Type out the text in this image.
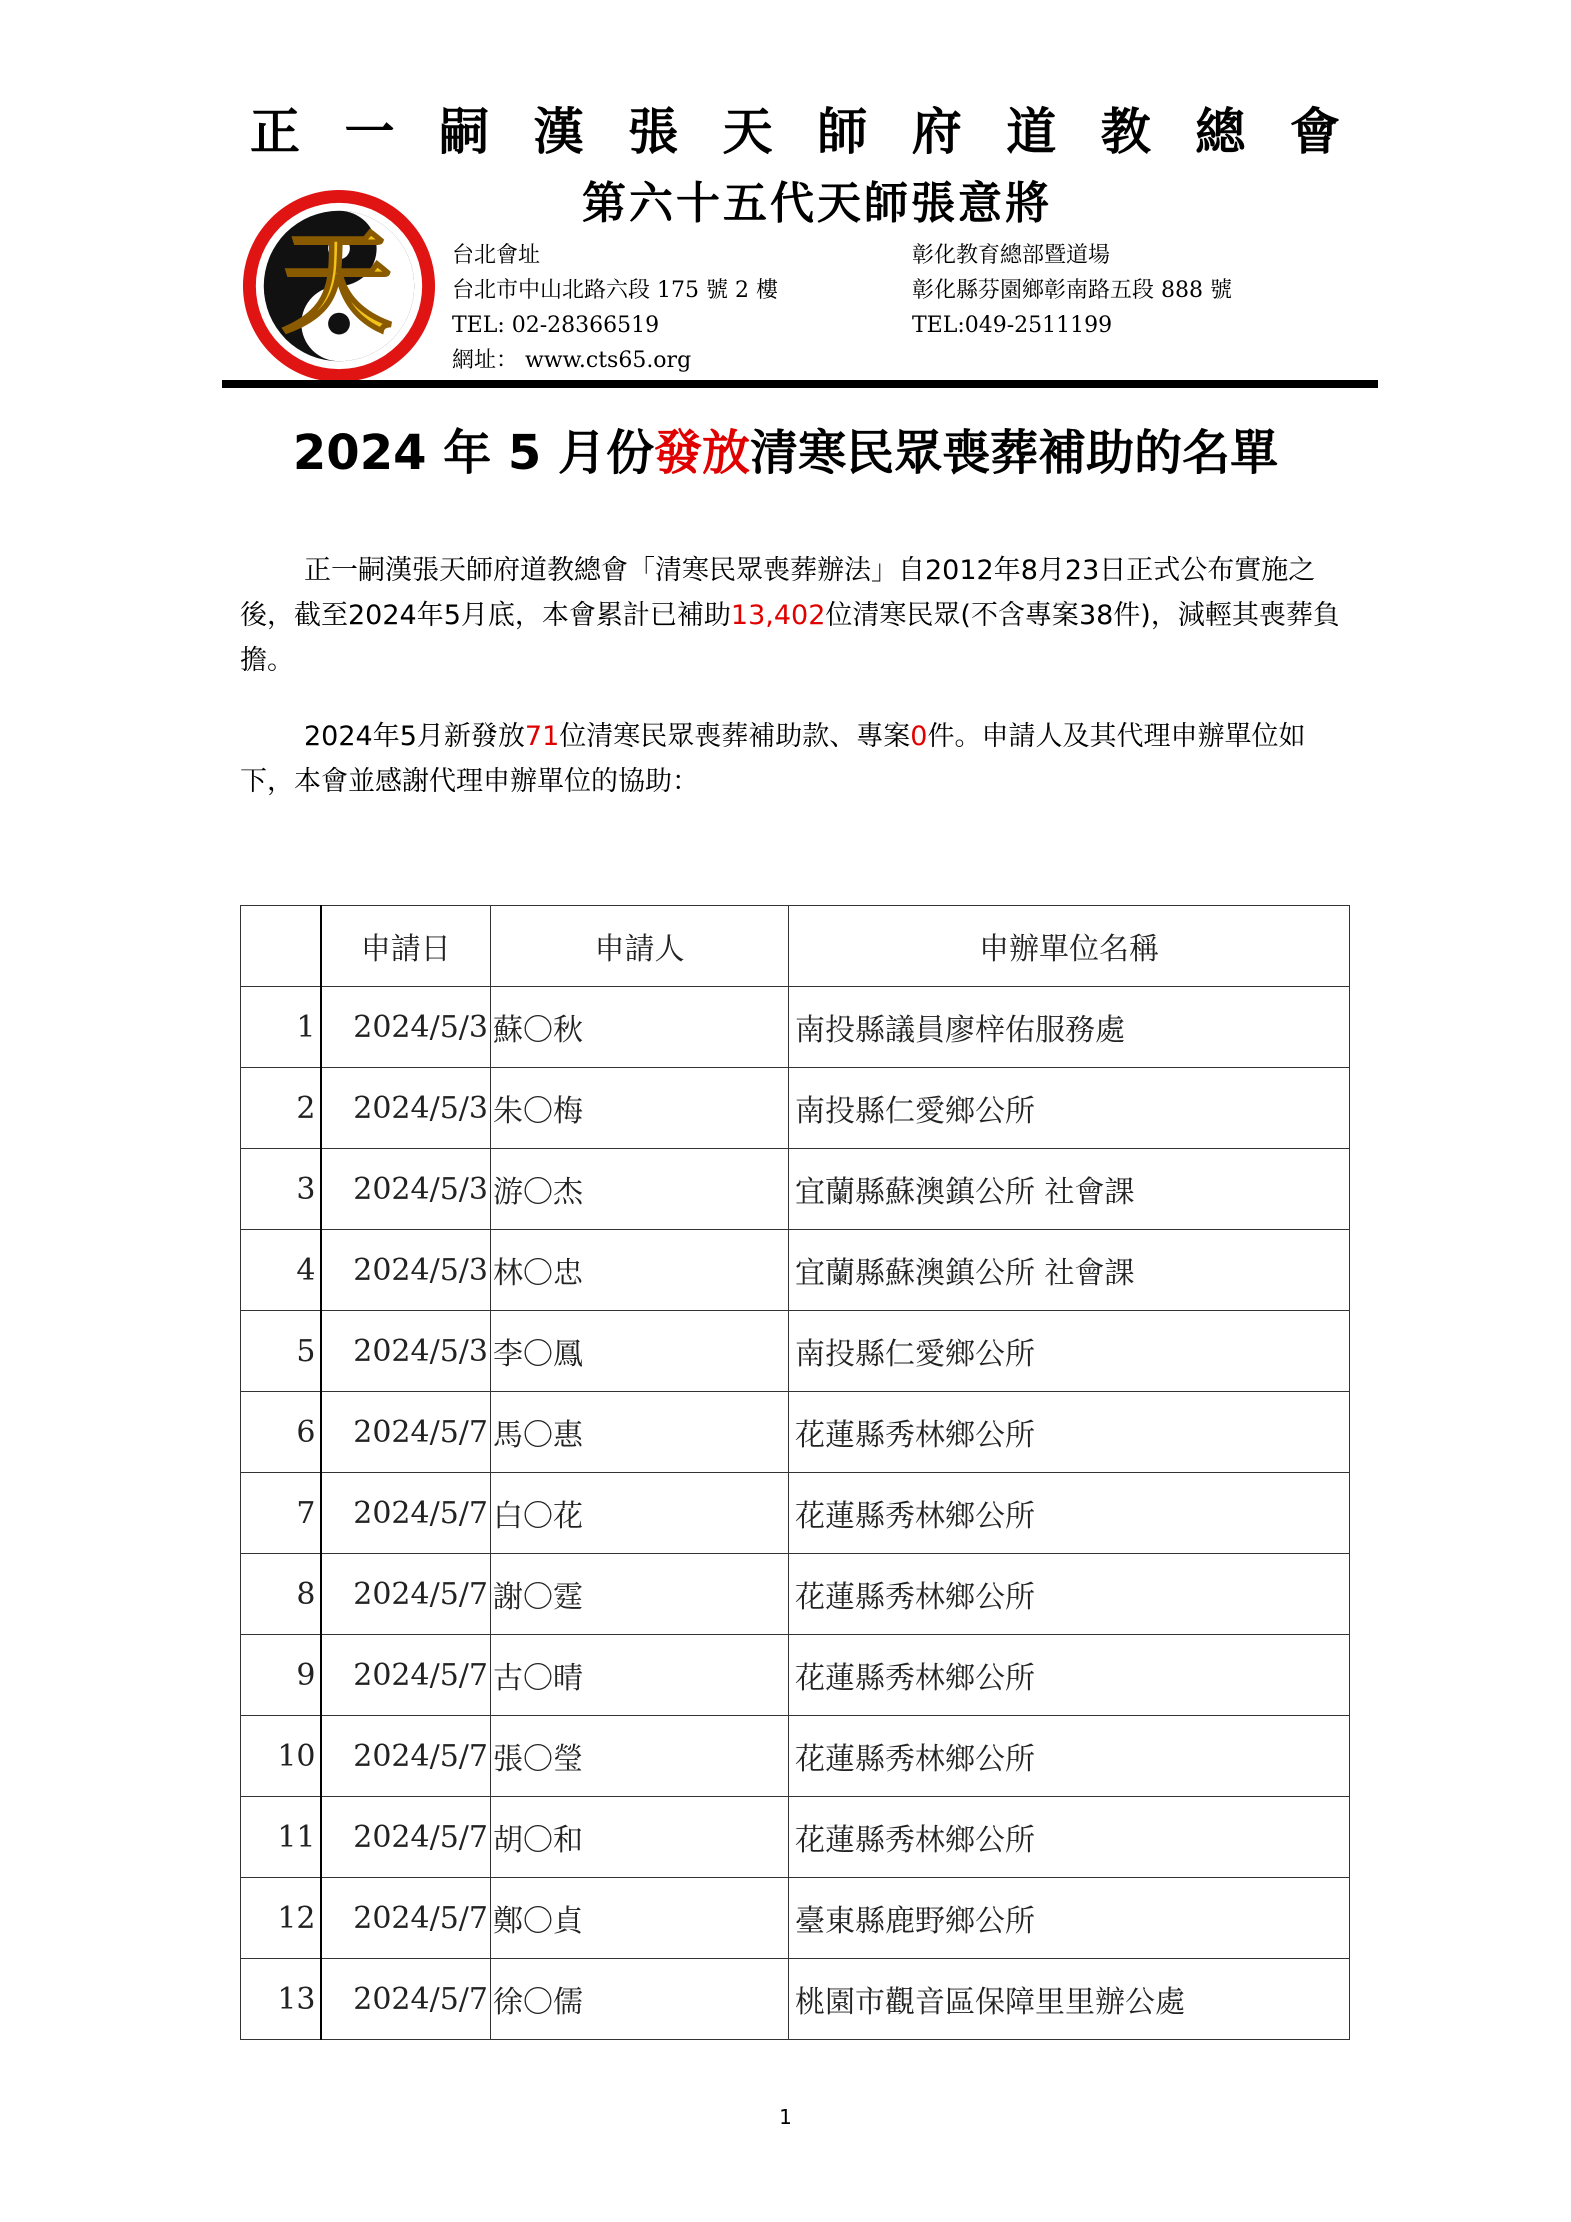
正 一 嗣 漢 張 天 師 府 道 教 總 會
天
第六十五代天師張意將
台北會址
台北市中山北路六段 175 號 2 樓
TEL: 02-28366519
網址： www.cts65.org
彰化教育總部暨道場
彰化縣芬園鄉彰南路五段 888 號
TEL:049-2511199
2024 年 5 月份發放清寒民眾喪葬補助的名單
正一嗣漢張天師府道教總會「清寒民眾喪葬辦法」自2012年8月23日正式公布實施之後，截至2024年5月底，本會累計已補助13,402位清寒民眾(不含專案38件)，減輕其喪葬負擔。
2024年5月新發放71位清寒民眾喪葬補助款、專案0件。申請人及其代理申辦單位如下，本會並感謝代理申辦單位的協助：
	申請日	申請人	申辦單位名稱
1	2024/5/3	蘇〇秋	南投縣議員廖梓佑服務處
2	2024/5/3	朱〇梅	南投縣仁愛鄉公所
3	2024/5/3	游〇杰	宜蘭縣蘇澳鎮公所 社會課
4	2024/5/3	林〇忠	宜蘭縣蘇澳鎮公所 社會課
5	2024/5/3	李〇鳳	南投縣仁愛鄉公所
6	2024/5/7	馬〇惠	花蓮縣秀林鄉公所
7	2024/5/7	白〇花	花蓮縣秀林鄉公所
8	2024/5/7	謝〇霆	花蓮縣秀林鄉公所
9	2024/5/7	古〇晴	花蓮縣秀林鄉公所
10	2024/5/7	張〇瑩	花蓮縣秀林鄉公所
11	2024/5/7	胡〇和	花蓮縣秀林鄉公所
12	2024/5/7	鄭〇貞	臺東縣鹿野鄉公所
13	2024/5/7	徐〇儒	桃園市觀音區保障里里辦公處
1
